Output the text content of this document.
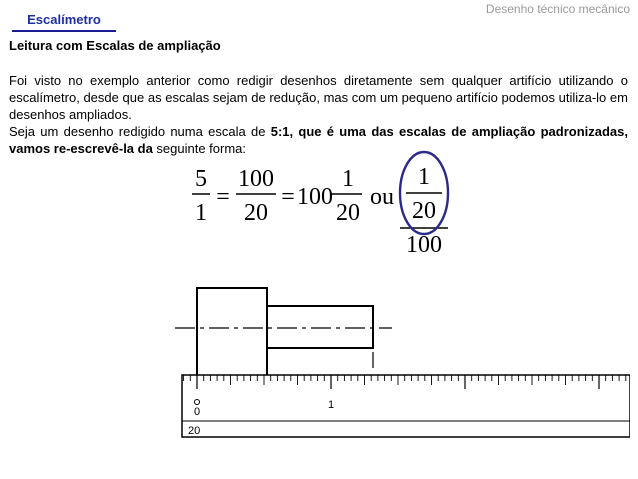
Desenho técnico mecânico
Escalímetro
Leitura com Escalas de ampliação

Foi visto no exemplo anterior como redigir desenhos diretamente sem qualquer artifício utilizando o escalímetro, desde que as escalas sejam de redução, mas com um pequeno artifício podemos utiliza-lo em desenhos ampliados.

Seja um desenho redigido numa escala de 5:1, que é uma das escalas de ampliação padronizadas, vamos re-escrevê-la da seguinte forma:

5
1
=
100
20
= 100
1
20
ou
1
20
100
0
1
20
